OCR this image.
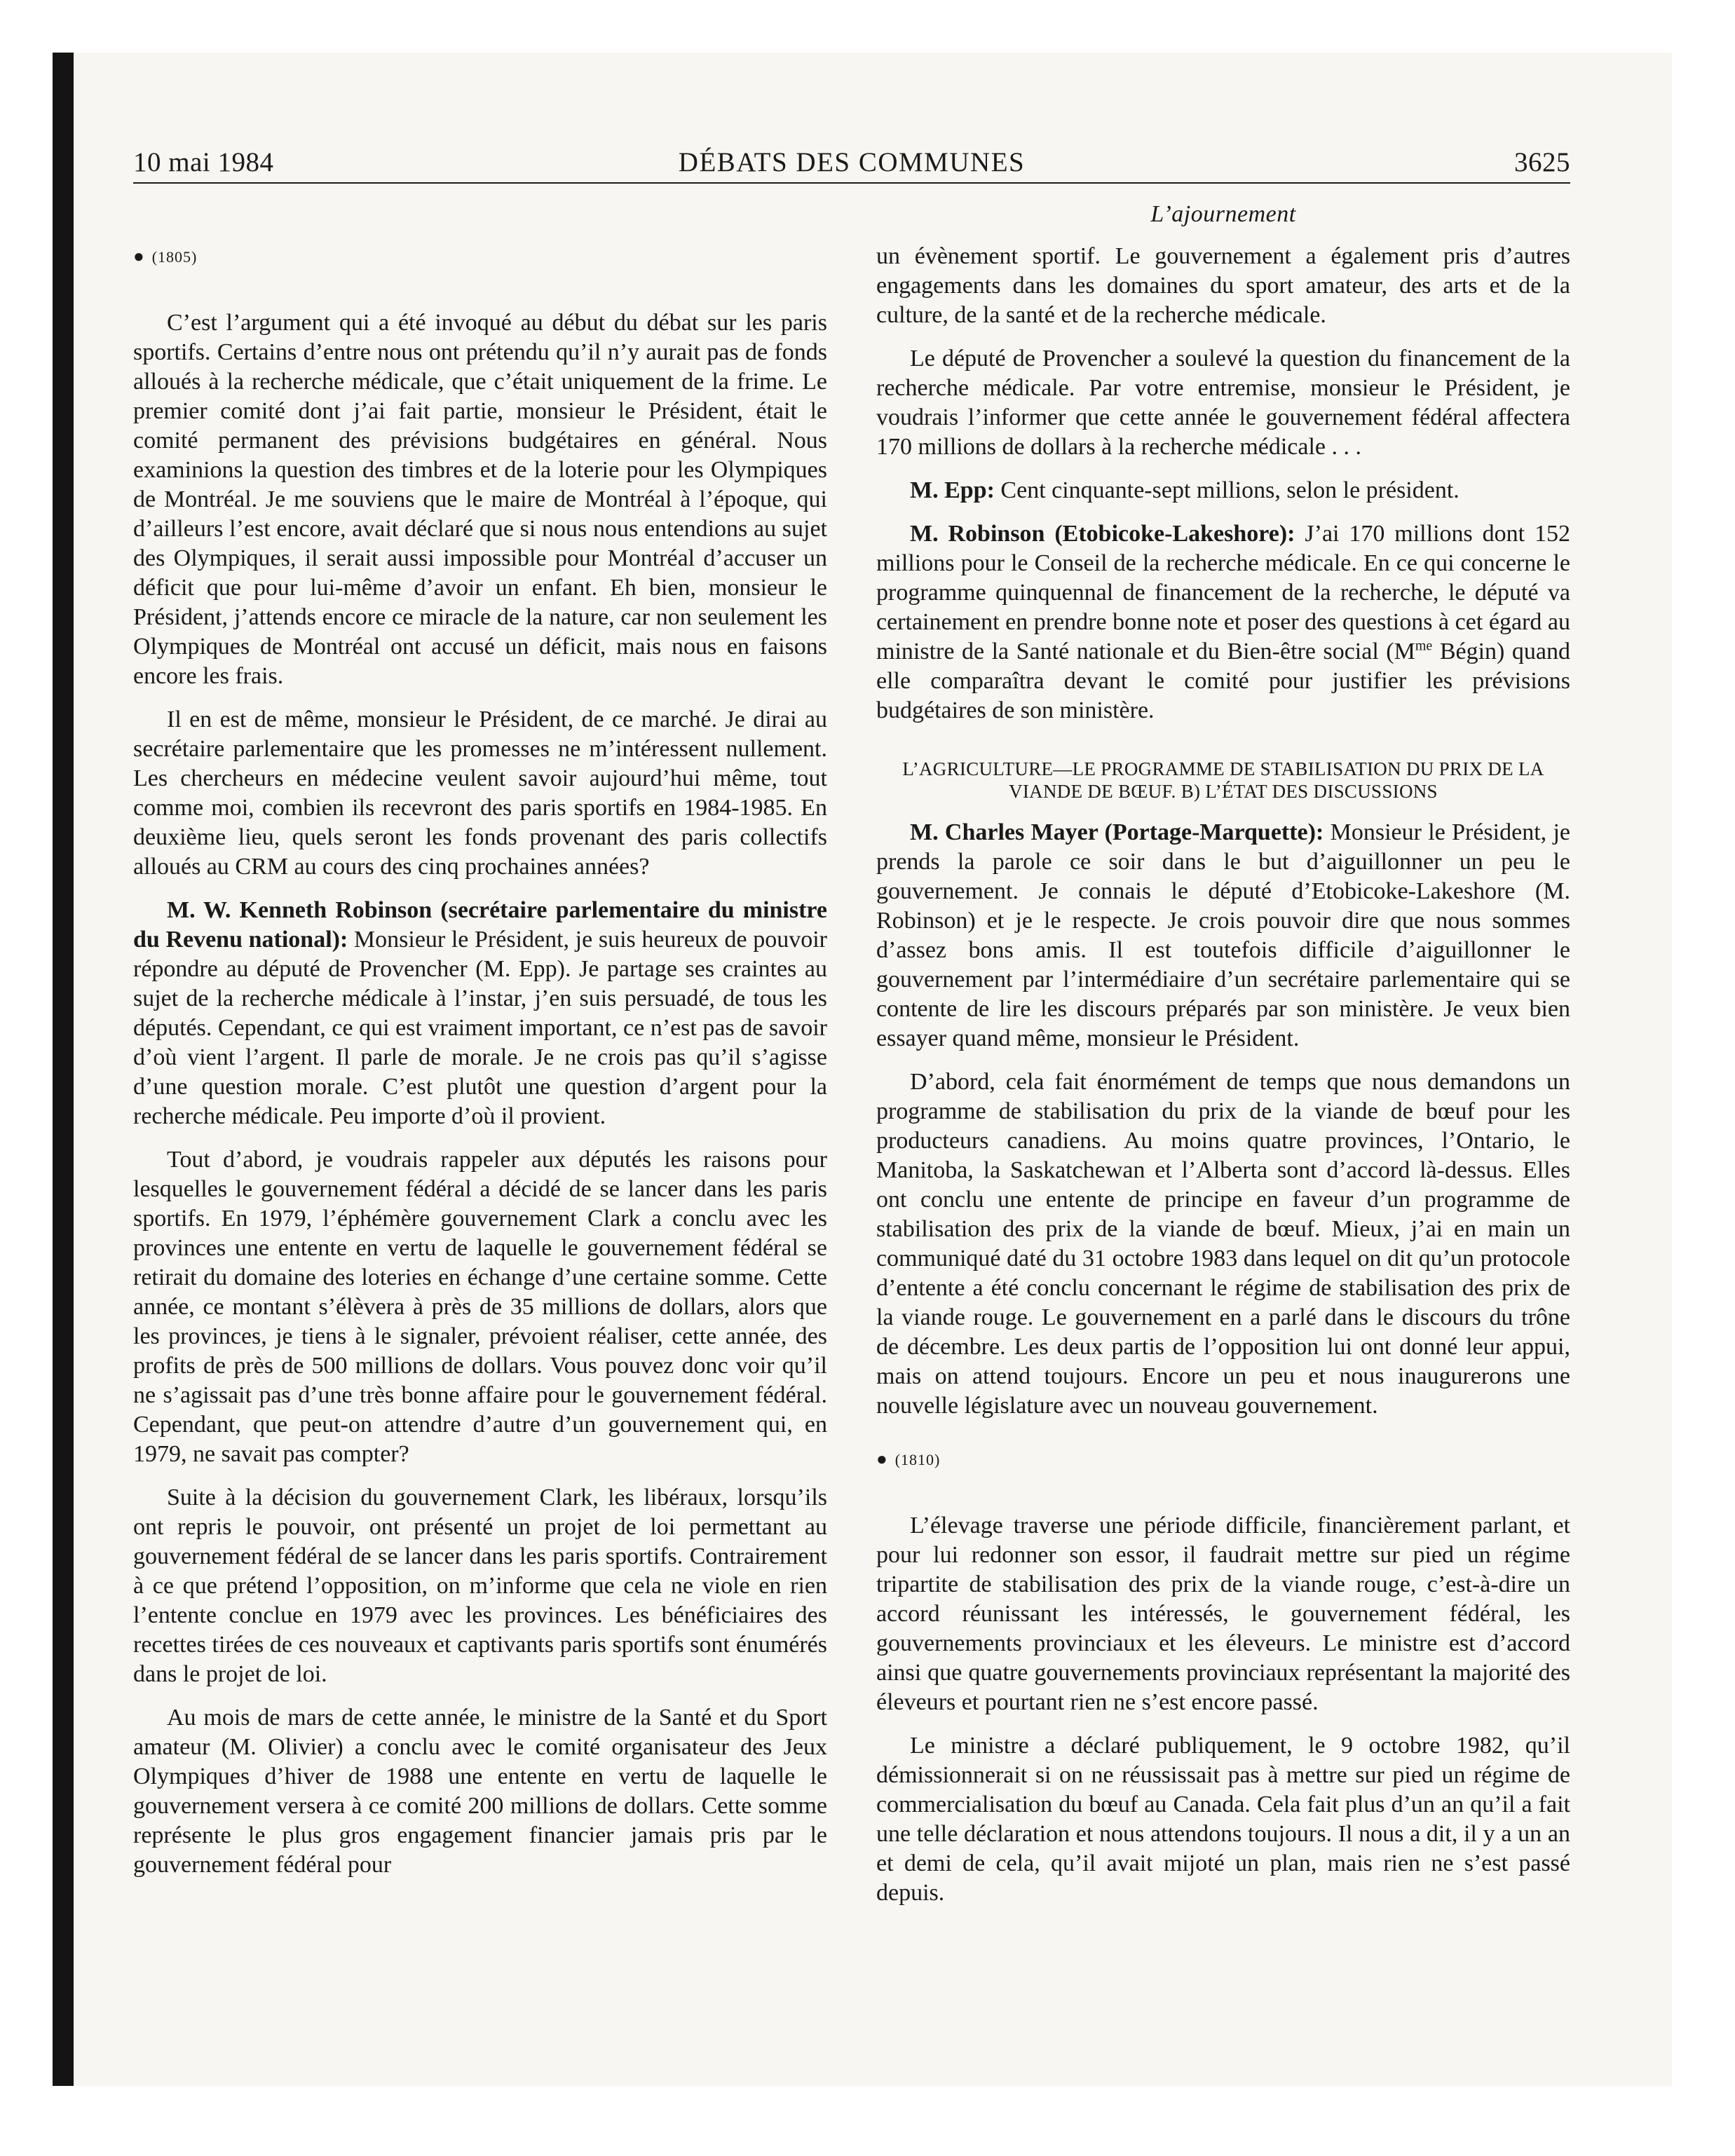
10 mai 1984	DÉBATS DES COMMUNES	3625
● (1805)

C’est l’argument qui a été invoqué au début du débat sur les paris sportifs. Certains d’entre nous ont prétendu qu’il n’y aurait pas de fonds alloués à la recherche médicale, que c’était uniquement de la frime. Le premier comité dont j’ai fait partie, monsieur le Président, était le comité permanent des prévisions budgétaires en général. Nous examinions la question des timbres et de la loterie pour les Olympiques de Montréal. Je me souviens que le maire de Montréal à l’époque, qui d’ailleurs l’est encore, avait déclaré que si nous nous entendions au sujet des Olympiques, il serait aussi impossible pour Montréal d’accuser un déficit que pour lui-même d’avoir un enfant. Eh bien, monsieur le Président, j’attends encore ce miracle de la nature, car non seulement les Olympiques de Montréal ont accusé un déficit, mais nous en faisons encore les frais.

Il en est de même, monsieur le Président, de ce marché. Je dirai au secrétaire parlementaire que les promesses ne m’intéressent nullement. Les chercheurs en médecine veulent savoir aujourd’hui même, tout comme moi, combien ils recevront des paris sportifs en 1984-1985. En deuxième lieu, quels seront les fonds provenant des paris collectifs alloués au CRM au cours des cinq prochaines années?

M. W. Kenneth Robinson (secrétaire parlementaire du ministre du Revenu national): Monsieur le Président, je suis heureux de pouvoir répondre au député de Provencher (M. Epp). Je partage ses craintes au sujet de la recherche médicale à l’instar, j’en suis persuadé, de tous les députés. Cependant, ce qui est vraiment important, ce n’est pas de savoir d’où vient l’argent. Il parle de morale. Je ne crois pas qu’il s’agisse d’une question morale. C’est plutôt une question d’argent pour la recherche médicale. Peu importe d’où il provient.

Tout d’abord, je voudrais rappeler aux députés les raisons pour lesquelles le gouvernement fédéral a décidé de se lancer dans les paris sportifs. En 1979, l’éphémère gouvernement Clark a conclu avec les provinces une entente en vertu de laquelle le gouvernement fédéral se retirait du domaine des loteries en échange d’une certaine somme. Cette année, ce montant s’élèvera à près de 35 millions de dollars, alors que les provinces, je tiens à le signaler, prévoient réaliser, cette année, des profits de près de 500 millions de dollars. Vous pouvez donc voir qu’il ne s’agissait pas d’une très bonne affaire pour le gouvernement fédéral. Cependant, que peut-on attendre d’autre d’un gouvernement qui, en 1979, ne savait pas compter?

Suite à la décision du gouvernement Clark, les libéraux, lorsqu’ils ont repris le pouvoir, ont présenté un projet de loi permettant au gouvernement fédéral de se lancer dans les paris sportifs. Contrairement à ce que prétend l’opposition, on m’informe que cela ne viole en rien l’entente conclue en 1979 avec les provinces. Les bénéficiaires des recettes tirées de ces nouveaux et captivants paris sportifs sont énumérés dans le projet de loi.

Au mois de mars de cette année, le ministre de la Santé et du Sport amateur (M. Olivier) a conclu avec le comité organisateur des Jeux Olympiques d’hiver de 1988 une entente en vertu de laquelle le gouvernement versera à ce comité 200 millions de dollars. Cette somme représente le plus gros engagement financier jamais pris par le gouvernement fédéral pour

L’ajournement

un évènement sportif. Le gouvernement a également pris d’autres engagements dans les domaines du sport amateur, des arts et de la culture, de la santé et de la recherche médicale.

Le député de Provencher a soulevé la question du financement de la recherche médicale. Par votre entremise, monsieur le Président, je voudrais l’informer que cette année le gouvernement fédéral affectera 170 millions de dollars à la recherche médicale . . .

M. Epp: Cent cinquante-sept millions, selon le président.

M. Robinson (Etobicoke-Lakeshore): J’ai 170 millions dont 152 millions pour le Conseil de la recherche médicale. En ce qui concerne le programme quinquennal de financement de la recherche, le député va certainement en prendre bonne note et poser des questions à cet égard au ministre de la Santé nationale et du Bien-être social ($M^{me}$ Bégin) quand elle comparaîtra devant le comité pour justifier les prévisions budgétaires de son ministère.

L’AGRICULTURE—LE PROGRAMME DE STABILISATION DU PRIX DE LA VIANDE DE BŒUF. B) L’ÉTAT DES DISCUSSIONS

M. Charles Mayer (Portage-Marquette): Monsieur le Président, je prends la parole ce soir dans le but d’aiguillonner un peu le gouvernement. Je connais le député d’Etobicoke-Lakeshore (M. Robinson) et je le respecte. Je crois pouvoir dire que nous sommes d’assez bons amis. Il est toutefois difficile d’aiguillonner le gouvernement par l’intermédiaire d’un secrétaire parlementaire qui se contente de lire les discours préparés par son ministère. Je veux bien essayer quand même, monsieur le Président.

D’abord, cela fait énormément de temps que nous demandons un programme de stabilisation du prix de la viande de bœuf pour les producteurs canadiens. Au moins quatre provinces, l’Ontario, le Manitoba, la Saskatchewan et l’Alberta sont d’accord là-dessus. Elles ont conclu une entente de principe en faveur d’un programme de stabilisation des prix de la viande de bœuf. Mieux, j’ai en main un communiqué daté du 31 octobre 1983 dans lequel on dit qu’un protocole d’entente a été conclu concernant le régime de stabilisation des prix de la viande rouge. Le gouvernement en a parlé dans le discours du trône de décembre. Les deux partis de l’opposition lui ont donné leur appui, mais on attend toujours. Encore un peu et nous inaugurerons une nouvelle législature avec un nouveau gouvernement.

● (1810)

L’élevage traverse une période difficile, financièrement parlant, et pour lui redonner son essor, il faudrait mettre sur pied un régime tripartite de stabilisation des prix de la viande rouge, c’est-à-dire un accord réunissant les intéressés, le gouvernement fédéral, les gouvernements provinciaux et les éleveurs. Le ministre est d’accord ainsi que quatre gouvernements provinciaux représentant la majorité des éleveurs et pourtant rien ne s’est encore passé.

Le ministre a déclaré publiquement, le 9 octobre 1982, qu’il démissionnerait si on ne réussissait pas à mettre sur pied un régime de commercialisation du bœuf au Canada. Cela fait plus d’un an qu’il a fait une telle déclaration et nous attendons toujours. Il nous a dit, il y a un an et demi de cela, qu’il avait mijoté un plan, mais rien ne s’est passé depuis.
